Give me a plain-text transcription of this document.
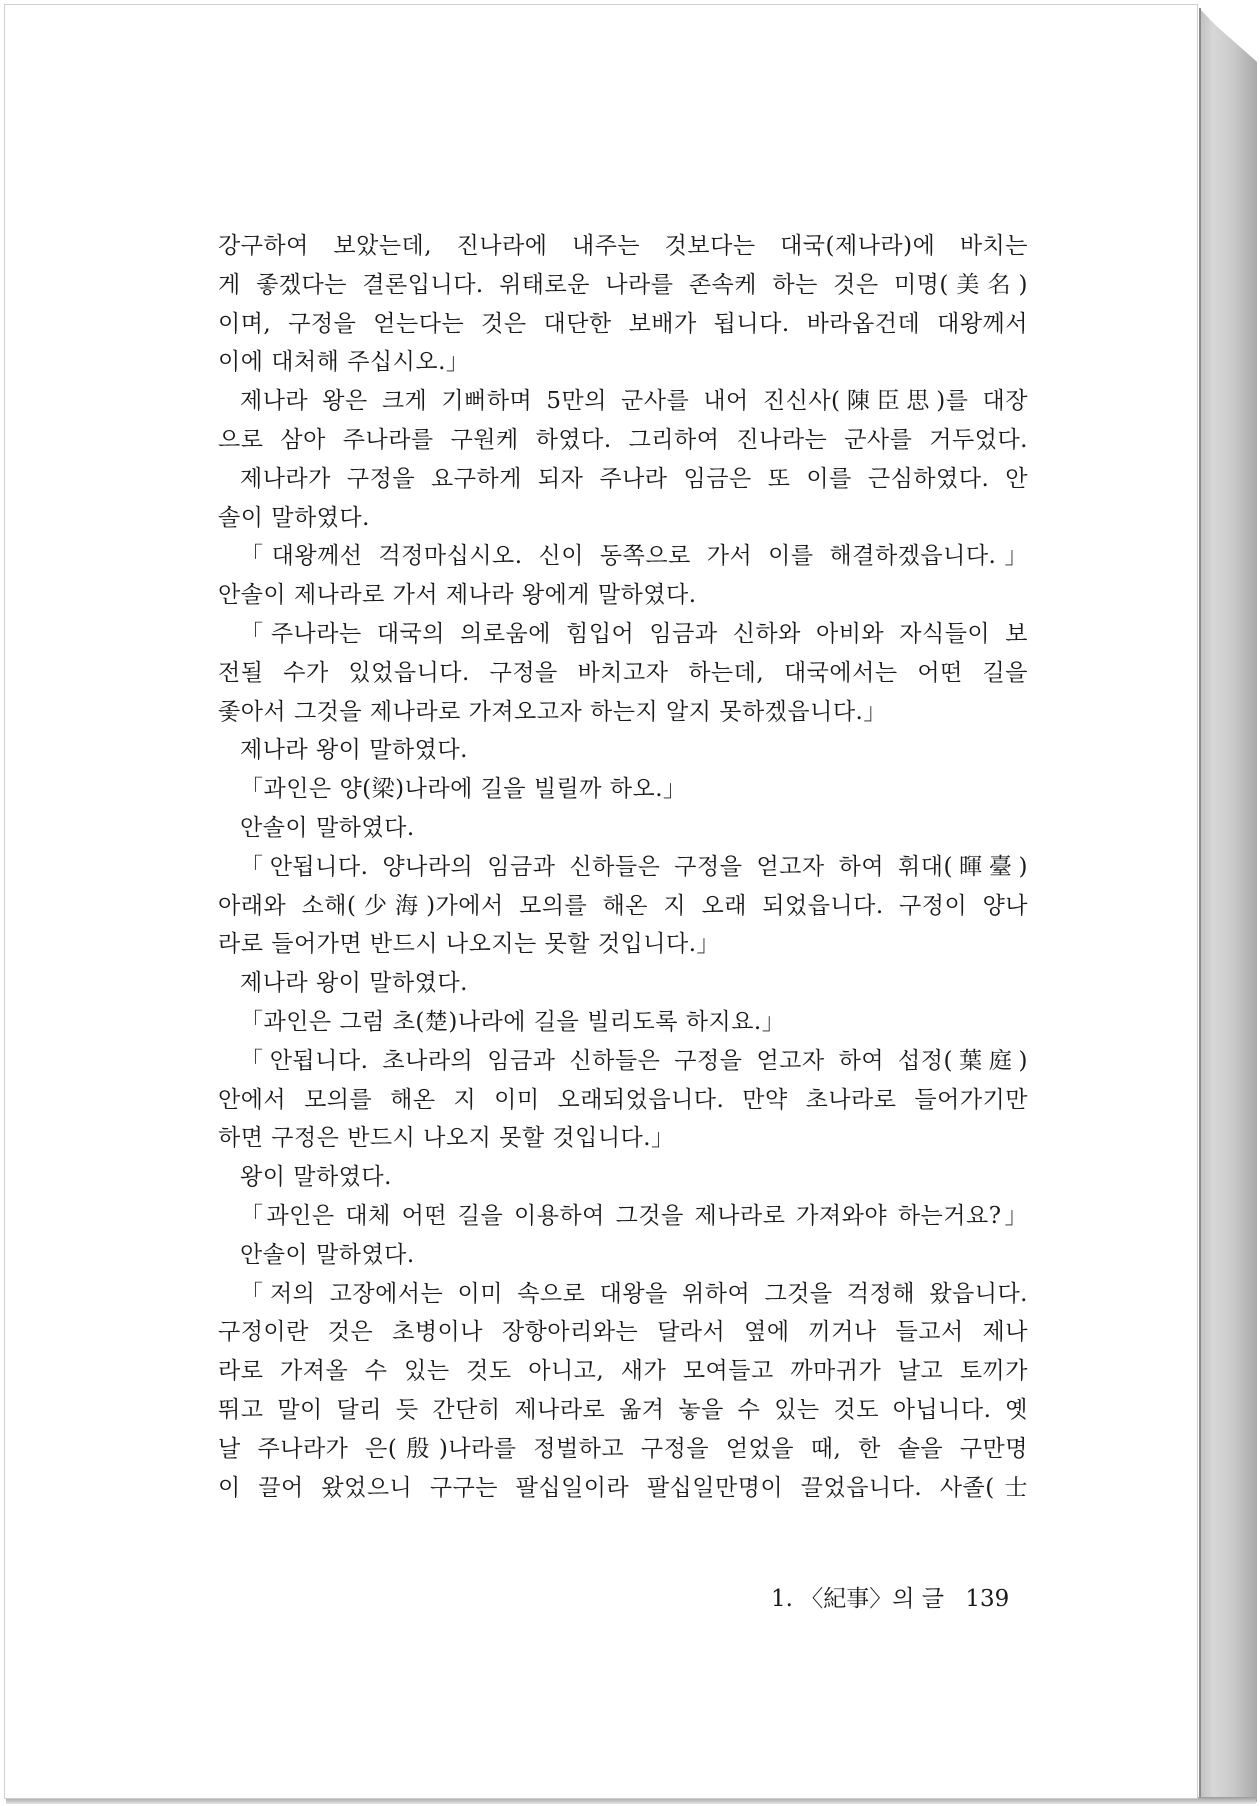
강구하여 보았는데, 진나라에 내주는 것보다는 대국(제나라)에 바치는
게 좋겠다는 결론입니다. 위태로운 나라를 존속케 하는 것은 미명(美名)
이며, 구정을 얻는다는 것은 대단한 보배가 됩니다. 바라옵건데 대왕께서
이에 대처해 주십시오.」
제나라 왕은 크게 기뻐하며 5만의 군사를 내어 진신사(陳臣思)를 대장
으로 삼아 주나라를 구원케 하였다. 그리하여 진나라는 군사를 거두었다.
제나라가 구정을 요구하게 되자 주나라 임금은 또 이를 근심하였다. 안
솔이 말하였다.
「대왕께선 걱정마십시오. 신이 동쪽으로 가서 이를 해결하겠읍니다.」
안솔이 제나라로 가서 제나라 왕에게 말하였다.
「주나라는 대국의 의로움에 힘입어 임금과 신하와 아비와 자식들이 보
전될 수가 있었읍니다. 구정을 바치고자 하는데, 대국에서는 어떤 길을
좇아서 그것을 제나라로 가져오고자 하는지 알지 못하겠읍니다.」
제나라 왕이 말하였다.
「과인은 양(梁)나라에 길을 빌릴까 하오.」
안솔이 말하였다.
「안됩니다. 양나라의 임금과 신하들은 구정을 얻고자 하여 휘대(暉臺)
아래와 소해(少海)가에서 모의를 해온 지 오래 되었읍니다. 구정이 양나
라로 들어가면 반드시 나오지는 못할 것입니다.」
제나라 왕이 말하였다.
「과인은 그럼 초(楚)나라에 길을 빌리도록 하지요.」
「안됩니다. 초나라의 임금과 신하들은 구정을 얻고자 하여 섭정(葉庭)
안에서 모의를 해온 지 이미 오래되었읍니다. 만약 초나라로 들어가기만
하면 구정은 반드시 나오지 못할 것입니다.」
왕이 말하였다.
「과인은 대체 어떤 길을 이용하여 그것을 제나라로 가져와야 하는거요?」
안솔이 말하였다.
「저의 고장에서는 이미 속으로 대왕을 위하여 그것을 걱정해 왔읍니다.
구정이란 것은 초병이나 장항아리와는 달라서 옆에 끼거나 들고서 제나
라로 가져올 수 있는 것도 아니고, 새가 모여들고 까마귀가 날고 토끼가
뛰고 말이 달리 듯 간단히 제나라로 옮겨 놓을 수 있는 것도 아닙니다. 옛
날 주나라가 은(殷)나라를 정벌하고 구정을 얻었을 때, 한 솥을 구만명
이 끌어 왔었으니 구구는 팔십일이라 팔십일만명이 끌었읍니다. 사졸(士
1. 〈紀事〉의 글 139
